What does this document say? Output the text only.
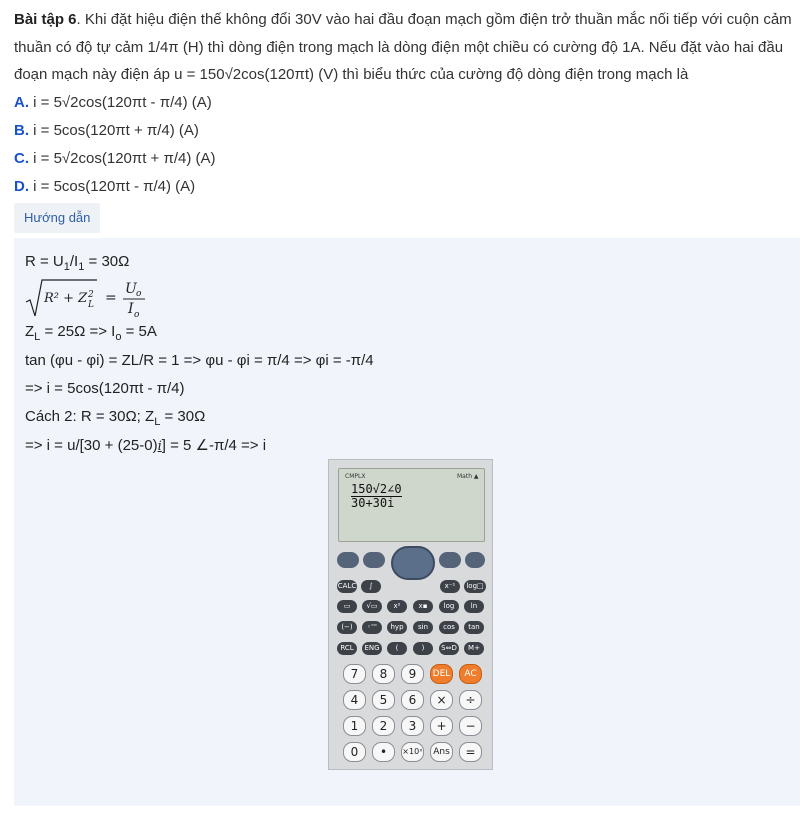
Bài tập 6. Khi đặt hiệu điện thế không đổi 30V vào hai đầu đoạn mạch gồm điện trở thuần mắc nối tiếp với cuộn cảm thuần có độ tự cảm 1/4π (H) thì dòng điện trong mạch là dòng điện một chiều có cường độ 1A. Nếu đặt vào hai đầu đoạn mạch này điện áp u = 150√2cos(120πt) (V) thì biểu thức của cường độ dòng điện trong mạch là
A. i = 5√2cos(120πt - π/4) (A)
B. i = 5cos(120πt + π/4) (A)
C. i = 5√2cos(120πt + π/4) (A)
D. i = 5cos(120πt - π/4) (A)
Hướng dẫn
$R = U_1/I_1 = 30\Omega$
R² + Z L
2 =
U o
I o
$Z_L = 25\Omega => I_o = 5A$
tan (φu - φi) = ZL/R = 1 => φu - φi = π/4 => φi = -π/4
=> i = 5cos(120πt - π/4)
Cách 2: R = 30Ω; $Z_L = 30\Omega$
=> i = u/[30 + (25-0)i] = 5 ∠-π/4 => i
CMPLX	Math ▲
$\frac{150√2\angle 0}{30+30i}$
CALC	∫	x⁻¹	log□
▭	√▭	x²	x▪	log	ln
(−)	◦'''	hyp	sin	cos	tan
RCL	ENG	(	)	S⇔D	M+
7	8	9	DEL	AC
4	5	6	×	÷
1	2	3	+	−
0	•	×10ˣ	Ans	=
